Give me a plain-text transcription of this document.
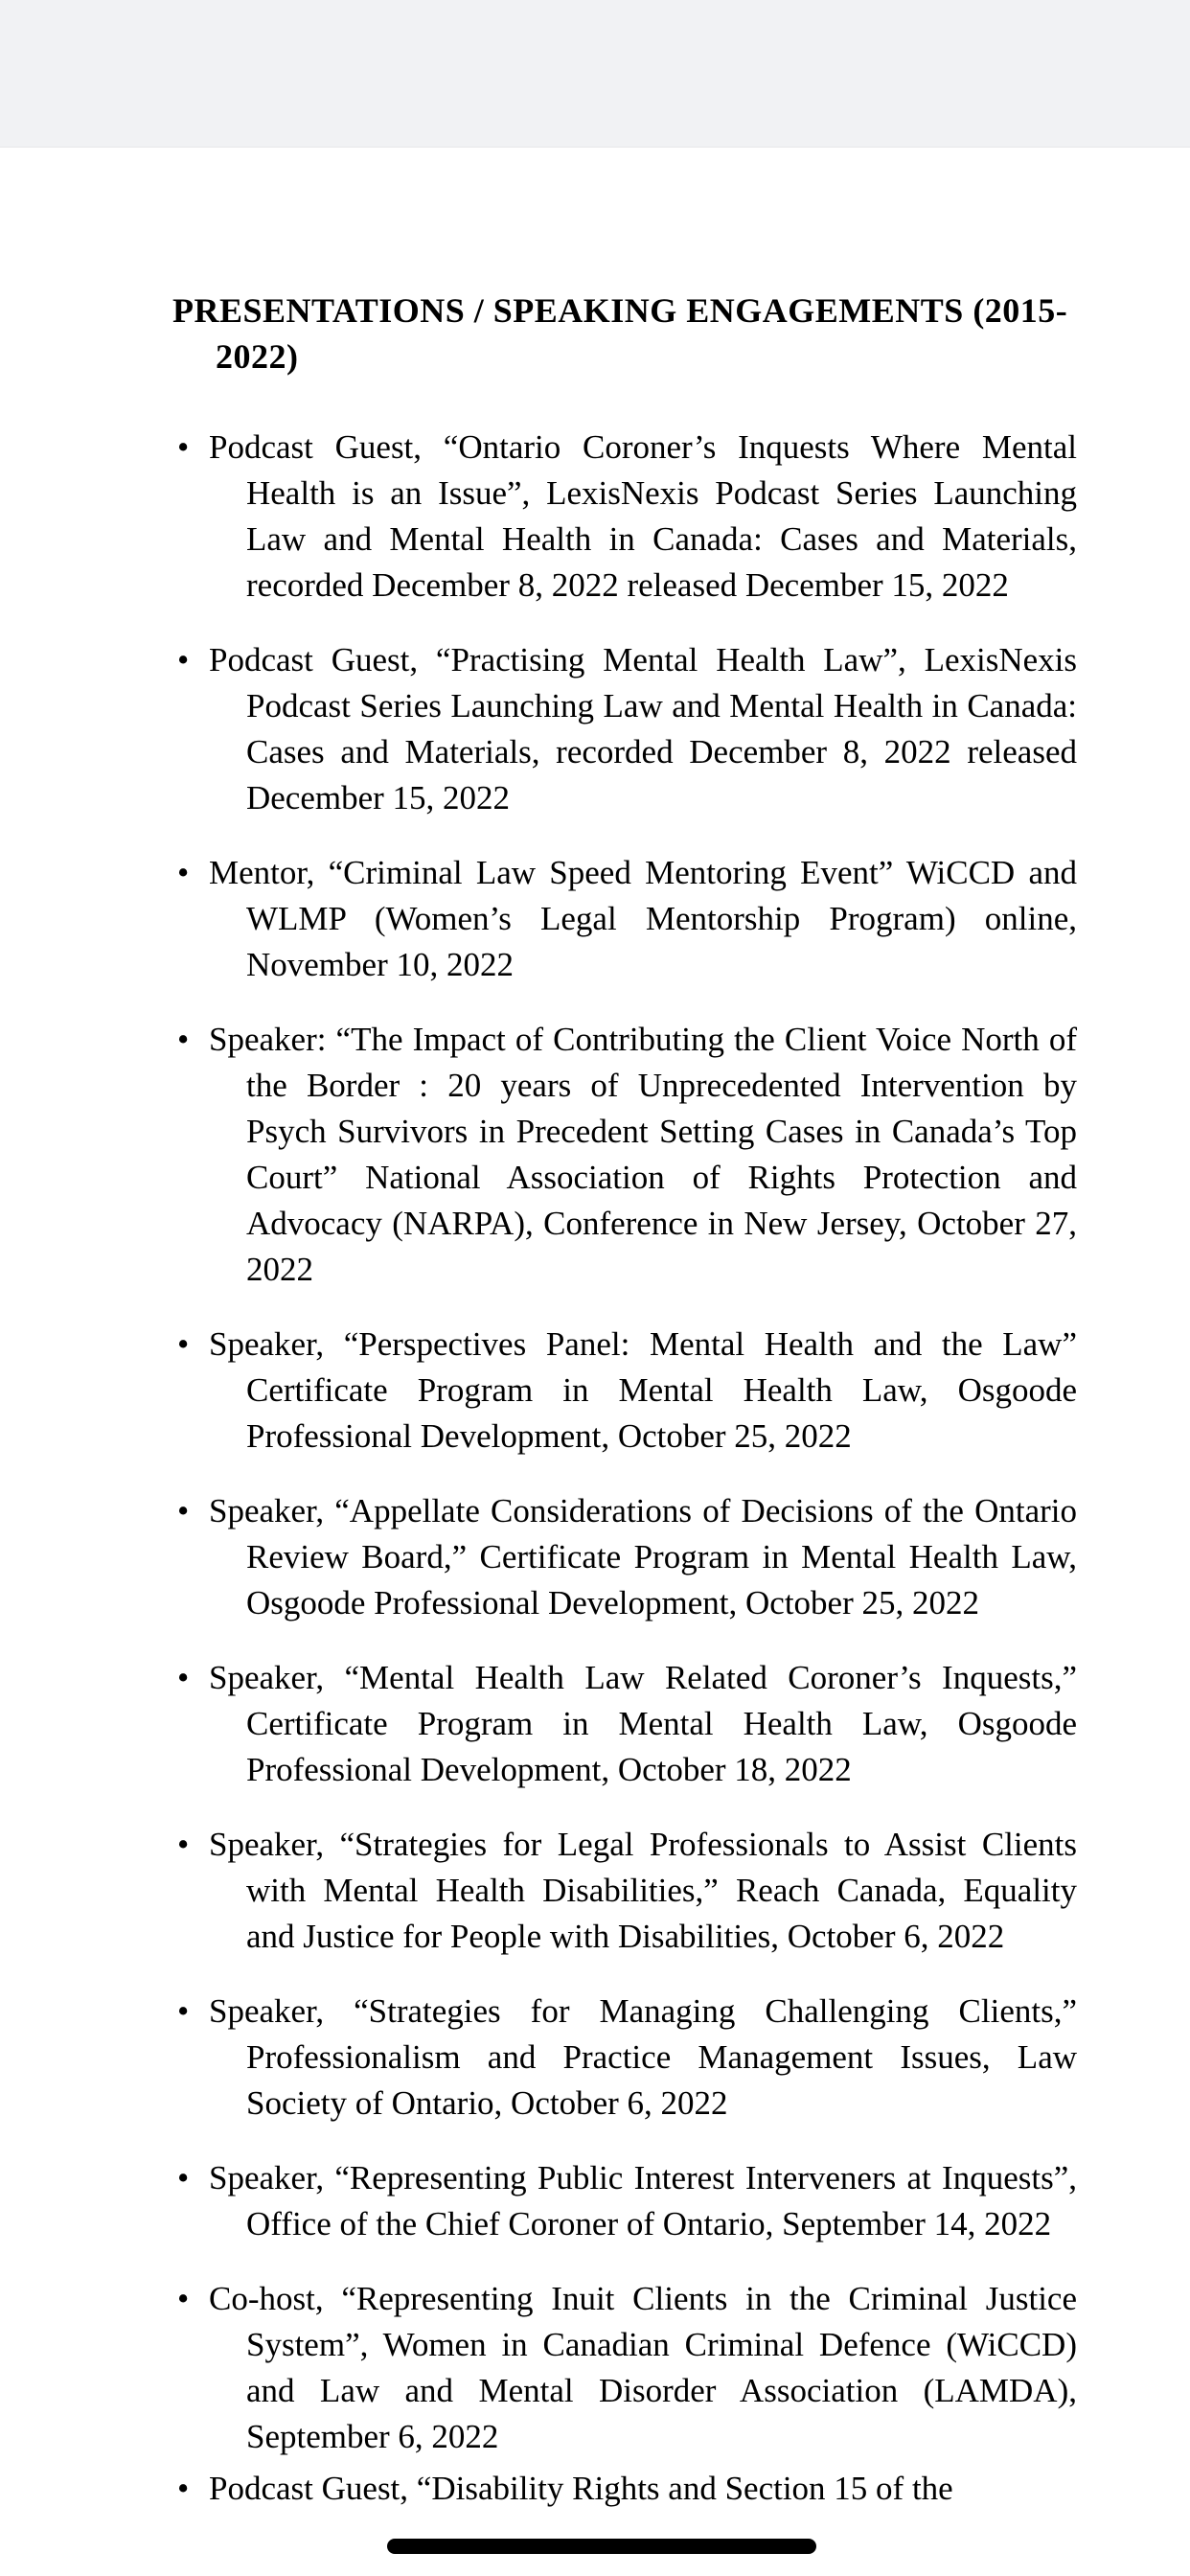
PRESENTATIONS / SPEAKING ENGAGEMENTS (2015-2022)
• Podcast Guest, “Ontario Coroner’s Inquests Where Mental Health is an Issue”, LexisNexis Podcast Series Launching Law and Mental Health in Canada: Cases and Materials, recorded December 8, 2022 released December 15, 2022
• Podcast Guest, “Practising Mental Health Law”, LexisNexis Podcast Series Launching Law and Mental Health in Canada: Cases and Materials, recorded December 8, 2022 released December 15, 2022
• Mentor, “Criminal Law Speed Mentoring Event” WiCCD and WLMP (Women’s Legal Mentorship Program) online, November 10, 2022
• Speaker: “The Impact of Contributing the Client Voice North of the Border : 20 years of Unprecedented Intervention by Psych Survivors in Precedent Setting Cases in Canada’s Top Court” National Association of Rights Protection and Advocacy (NARPA), Conference in New Jersey, October 27, 2022
• Speaker, “Perspectives Panel: Mental Health and the Law” Certificate Program in Mental Health Law, Osgoode Professional Development, October 25, 2022
• Speaker, “Appellate Considerations of Decisions of the Ontario Review Board,” Certificate Program in Mental Health Law, Osgoode Professional Development, October 25, 2022
• Speaker, “Mental Health Law Related Coroner’s Inquests,” Certificate Program in Mental Health Law, Osgoode Professional Development, October 18, 2022
• Speaker, “Strategies for Legal Professionals to Assist Clients with Mental Health Disabilities,” Reach Canada, Equality and Justice for People with Disabilities, October 6, 2022
• Speaker, “Strategies for Managing Challenging Clients,” Professionalism and Practice Management Issues, Law Society of Ontario, October 6, 2022
• Speaker, “Representing Public Interest Interveners at Inquests”, Office of the Chief Coroner of Ontario, September 14, 2022
• Co-host, “Representing Inuit Clients in the Criminal Justice System”, Women in Canadian Criminal Defence (WiCCD) and Law and Mental Disorder Association (LAMDA), September 6, 2022
• Podcast Guest, “Disability Rights and Section 15 of the
